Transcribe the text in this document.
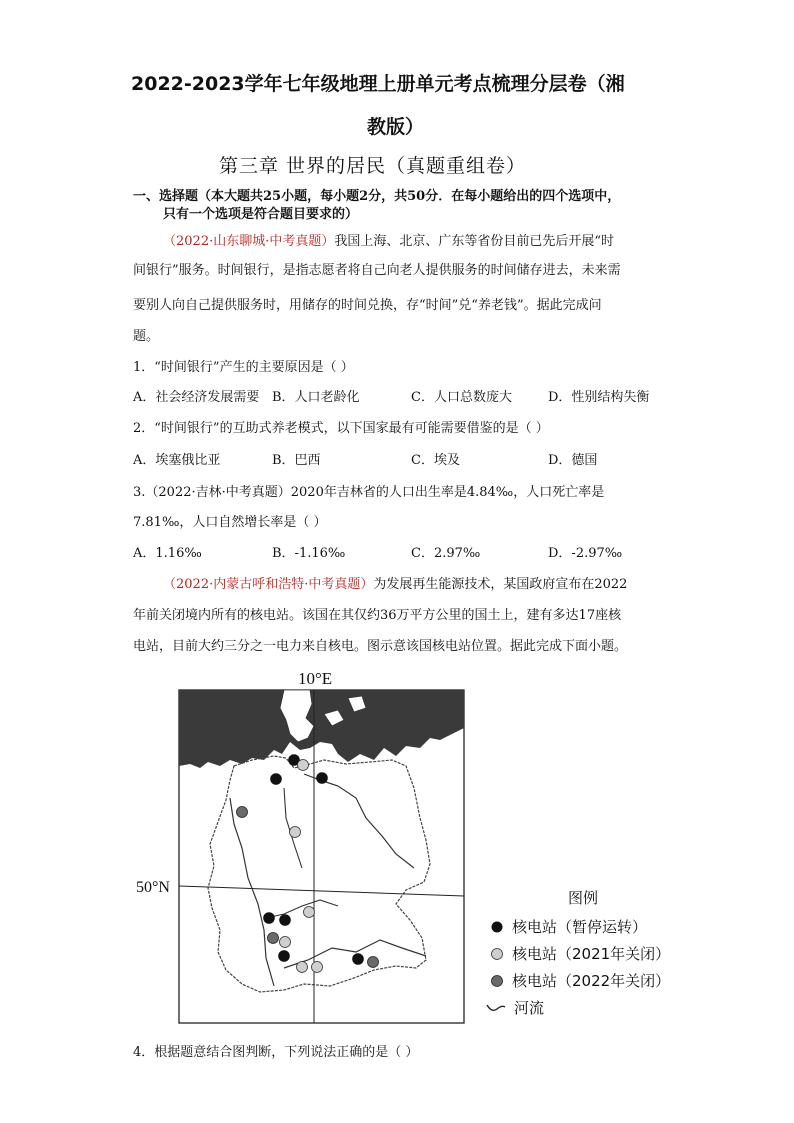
2022-2023学年七年级地理上册单元考点梳理分层卷（湘
教版）
第三章 世界的居民（真题重组卷）
一、选择题（本大题共25小题，每小题2分，共50分．在每小题给出的四个选项中，
只有一个选项是符合题目要求的）
（2022·山东聊城·中考真题）我国上海、北京、广东等省份目前已先后开展“时
间银行”服务。时间银行，是指志愿者将自己向老人提供服务的时间储存进去，未来需
要别人向自己提供服务时，用储存的时间兑换，存“时间”兑“养老钱”。据此完成问
题。
1．“时间银行”产生的主要原因是（ ）
A．社会经济发展需要 B．人口老龄化	C．人口总数庞大	D．性别结构失衡
2．“时间银行”的互助式养老模式，以下国家最有可能需要借鉴的是（ ）
A．埃塞俄比亚	B．巴西	C．埃及	D．德国
3.（2022·吉林·中考真题）2020年吉林省的人口出生率是4.84‰，人口死亡率是
7.81‰，人口自然增长率是（ ）
A．1.16‰	B．-1.16‰	C．2.97‰	D．-2.97‰
（2022·内蒙古呼和浩特·中考真题）为发展再生能源技术，某国政府宣布在2022
年前关闭境内所有的核电站。该国在其仅约36万平方公里的国土上，建有多达17座核
电站，目前大约三分之一电力来自核电。图示意该国核电站位置。据此完成下面小题。
10°E
50°N
图例
核电站（暂停运转）
核电站（2021年关闭）
核电站（2022年关闭）
河流
4．根据题意结合图判断，下列说法正确的是（ ）
